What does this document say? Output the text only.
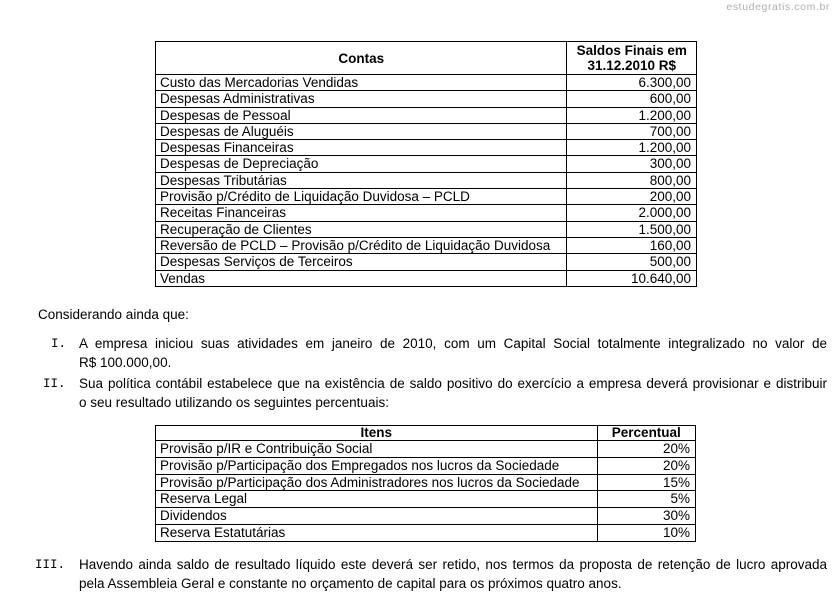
estudegratis.com.br
Contas	Saldos Finais em
31.12.2010 R$
Custo das Mercadorias Vendidas	6.300,00
Despesas Administrativas	600,00
Despesas de Pessoal	1.200,00
Despesas de Aluguéis	700,00
Despesas Financeiras	1.200,00
Despesas de Depreciação	300,00
Despesas Tributárias	800,00
Provisão p/Crédito de Liquidação Duvidosa – PCLD	200,00
Receitas Financeiras	2.000,00
Recuperação de Clientes	1.500,00
Reversão de PCLD – Provisão p/Crédito de Liquidação Duvidosa	160,00
Despesas Serviços de Terceiros	500,00
Vendas	10.640,00
Considerando ainda que:
I. A empresa iniciou suas atividades em janeiro de 2010, com um Capital Social totalmente integralizado no valor de
R$ 100.000,00.
II. Sua política contábil estabelece que na existência de saldo positivo do exercício a empresa deverá provisionar e distribuir
o seu resultado utilizando os seguintes percentuais:
Itens	Percentual
Provisão p/IR e Contribuição Social	20%
Provisão p/Participação dos Empregados nos lucros da Sociedade	20%
Provisão p/Participação dos Administradores nos lucros da Sociedade	15%
Reserva Legal	5%
Dividendos	30%
Reserva Estatutárias	10%
III. Havendo ainda saldo de resultado líquido este deverá ser retido, nos termos da proposta de retenção de lucro aprovada
pela Assembleia Geral e constante no orçamento de capital para os próximos quatro anos.
